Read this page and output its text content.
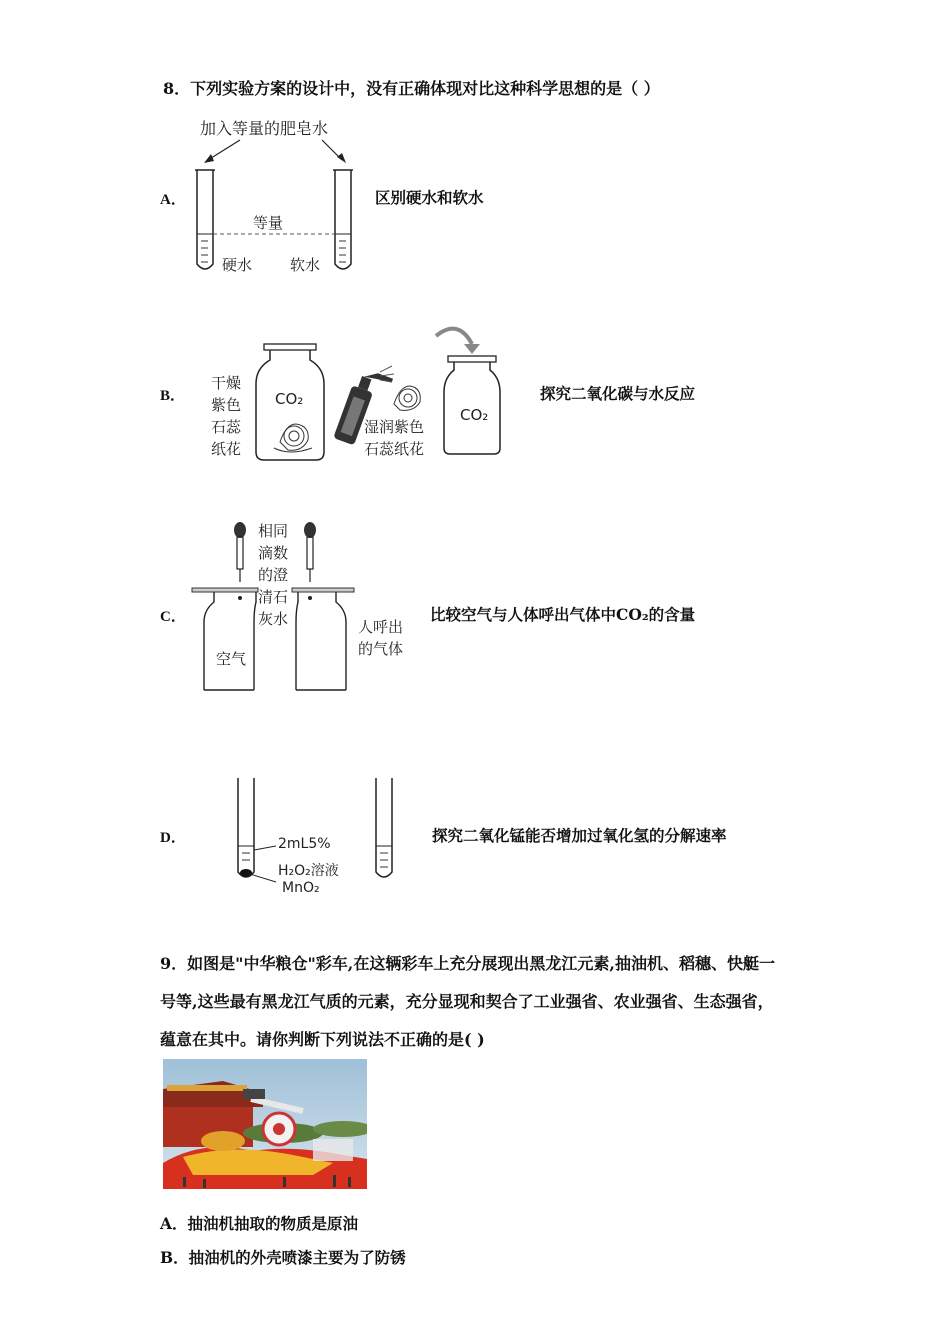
8．下列实验方案的设计中，没有正确体现对比这种科学思想的是（ ）
A．	区别硬水和软水
加入等量的肥皂水
等量
硬水	软水
B．	探究二氧化碳与水反应
干燥
紫色
石蕊
纸花
CO₂
湿润紫色
石蕊纸花
CO₂
C．	比较空气与人体呼出气体中CO₂的含量
相同
滴数
的澄
清石
灰水
空气
人呼出
的气体
D．	探究二氧化锰能否增加过氧化氢的分解速率
2mL5%
H₂O₂溶液
MnO₂
9．如图是"中华粮仓"彩车,在这辆彩车上充分展现出黑龙江元素,抽油机、稻穗、快艇一
号等,这些最有黑龙江气质的元素，充分显现和契合了工业强省、农业强省、生态强省，
蕴意在其中。请你判断下列说法不正确的是( )
A．抽油机抽取的物质是原油
B．抽油机的外壳喷漆主要为了防锈
